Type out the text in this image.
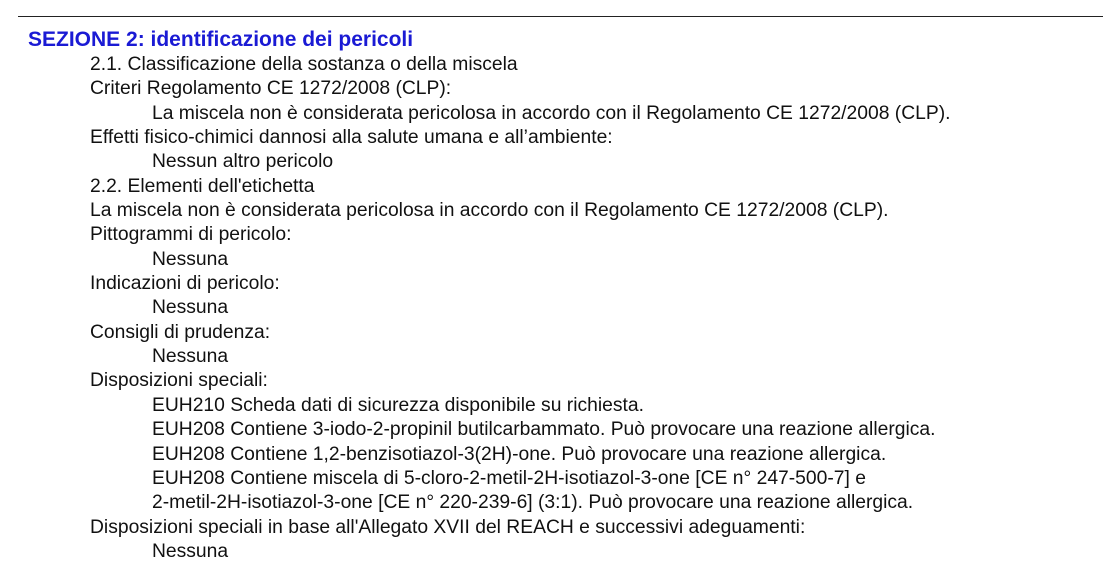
SEZIONE 2: identificazione dei pericoli
2.1. Classificazione della sostanza o della miscela
Criteri Regolamento CE 1272/2008 (CLP):
La miscela non è considerata pericolosa in accordo con il Regolamento CE 1272/2008 (CLP).
Effetti fisico-chimici dannosi alla salute umana e all’ambiente:
Nessun altro pericolo
2.2. Elementi dell'etichetta
La miscela non è considerata pericolosa in accordo con il Regolamento CE 1272/2008 (CLP).
Pittogrammi di pericolo:
Nessuna
Indicazioni di pericolo:
Nessuna
Consigli di prudenza:
Nessuna
Disposizioni speciali:
EUH210 Scheda dati di sicurezza disponibile su richiesta.
EUH208 Contiene 3-iodo-2-propinil butilcarbammato. Può provocare una reazione allergica.
EUH208 Contiene 1,2-benzisotiazol-3(2H)-one. Può provocare una reazione allergica.
EUH208 Contiene miscela di 5-cloro-2-metil-2H-isotiazol-3-one [CE n° 247-500-7] e
2-metil-2H-isotiazol-3-one [CE n° 220-239-6] (3:1). Può provocare una reazione allergica.
Disposizioni speciali in base all'Allegato XVII del REACH e successivi adeguamenti:
Nessuna
